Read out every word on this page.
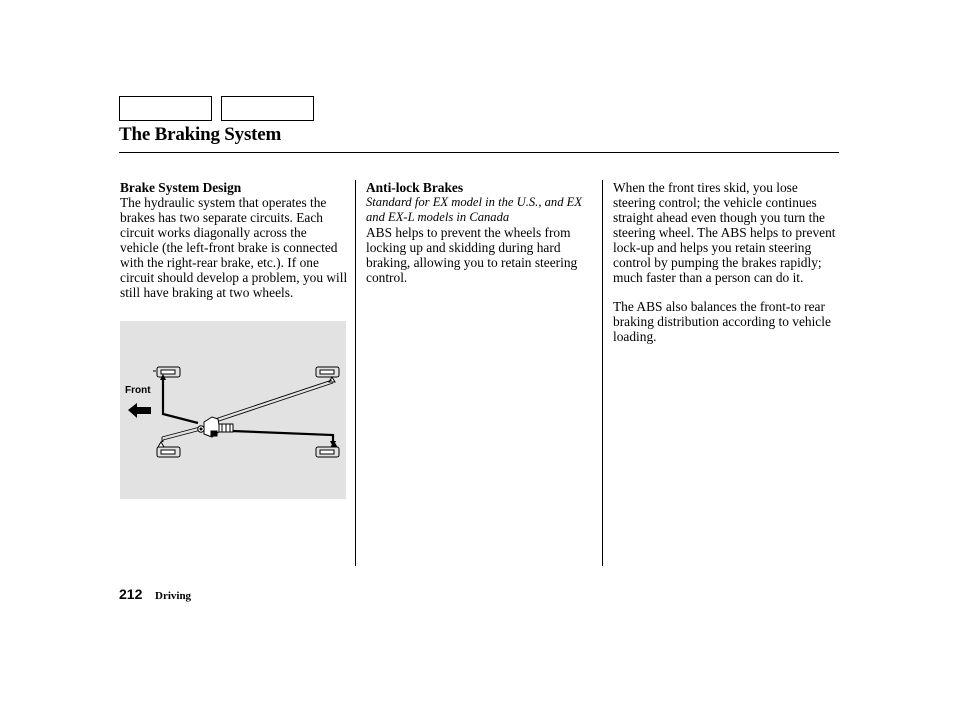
The Braking System
Brake System Design
The hydraulic system that operates the brakes has two separate circuits. Each circuit works diagonally across the vehicle (the left-front brake is connected with the right-rear brake, etc.). If one circuit should develop a problem, you will still have braking at two wheels.
Anti-lock Brakes
Standard for EX model in the U.S., and EX and EX-L models in Canada
ABS helps to prevent the wheels from locking up and skidding during hard braking, allowing you to retain steering control.
When the front tires skid, you lose steering control; the vehicle continues straight ahead even though you turn the steering wheel. The ABS helps to prevent lock-up and helps you retain steering control by pumping the brakes rapidly; much faster than a person can do it.
The ABS also balances the front-to rear braking distribution according to vehicle loading.
Front
212 Driving
